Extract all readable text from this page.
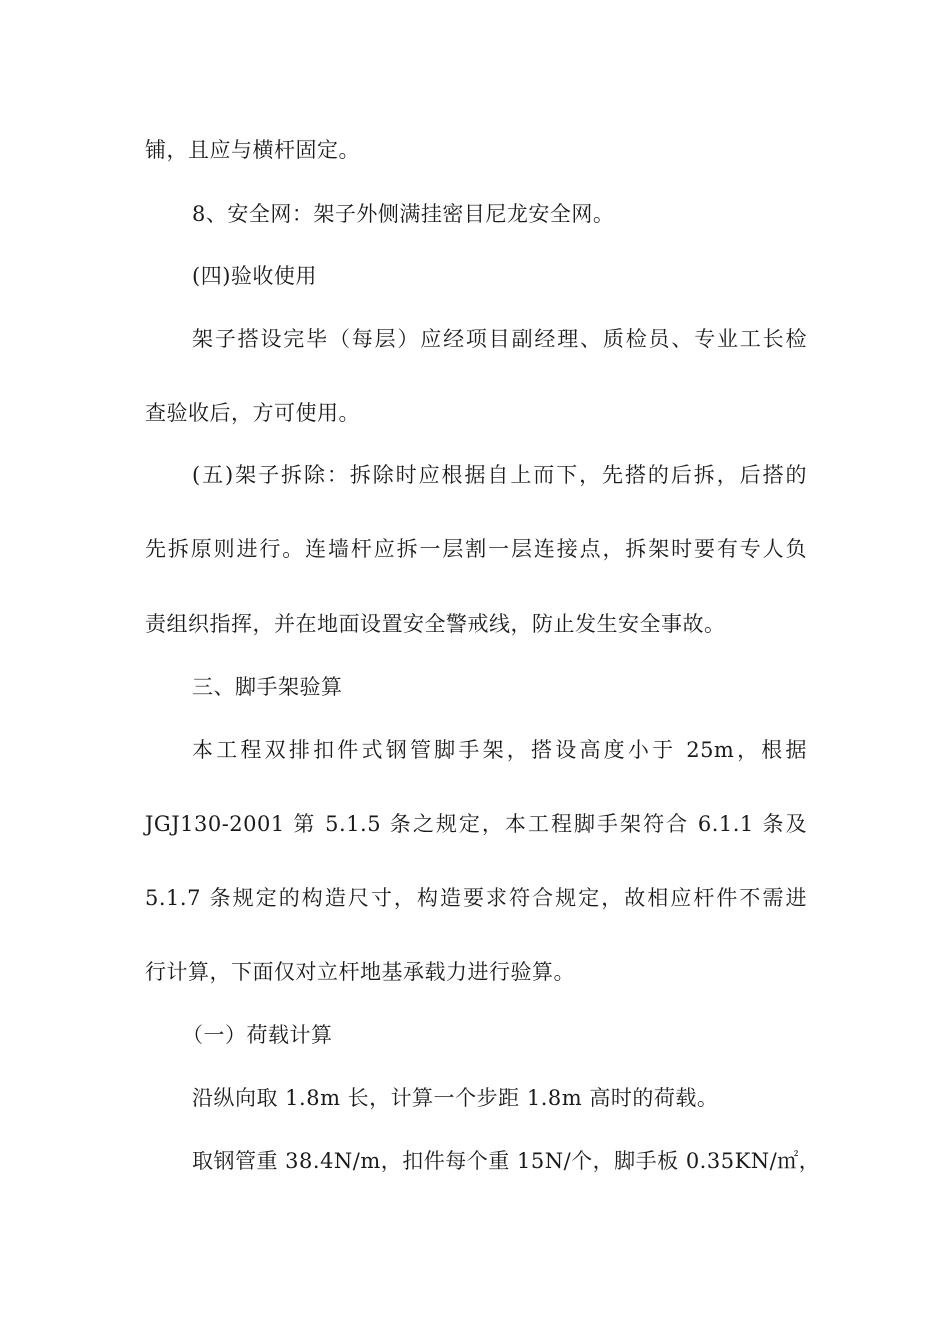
铺，且应与横杆固定。
8、安全网：架子外侧满挂密目尼龙安全网。
(四)验收使用
架子搭设完毕（每层）应经项目副经理、质检员、专业工长检
查验收后，方可使用。
(五)架子拆除：拆除时应根据自上而下，先搭的后拆，后搭的
先拆原则进行。连墙杆应拆一层割一层连接点，拆架时要有专人负
责组织指挥，并在地面设置安全警戒线，防止发生安全事故。
三、脚手架验算
本工程双排扣件式钢管脚手架，搭设高度小于 25m，根据
JGJ130-2001 第 5.1.5 条之规定，本工程脚手架符合 6.1.1 条及
5.1.7 条规定的构造尺寸，构造要求符合规定，故相应杆件不需进
行计算，下面仅对立杆地基承载力进行验算。
（一）荷载计算
沿纵向取 1.8m 长，计算一个步距 1.8m 高时的荷载。
取钢管重 38.4N/m，扣件每个重 15N/个，脚手板 0.35KN/㎡，
